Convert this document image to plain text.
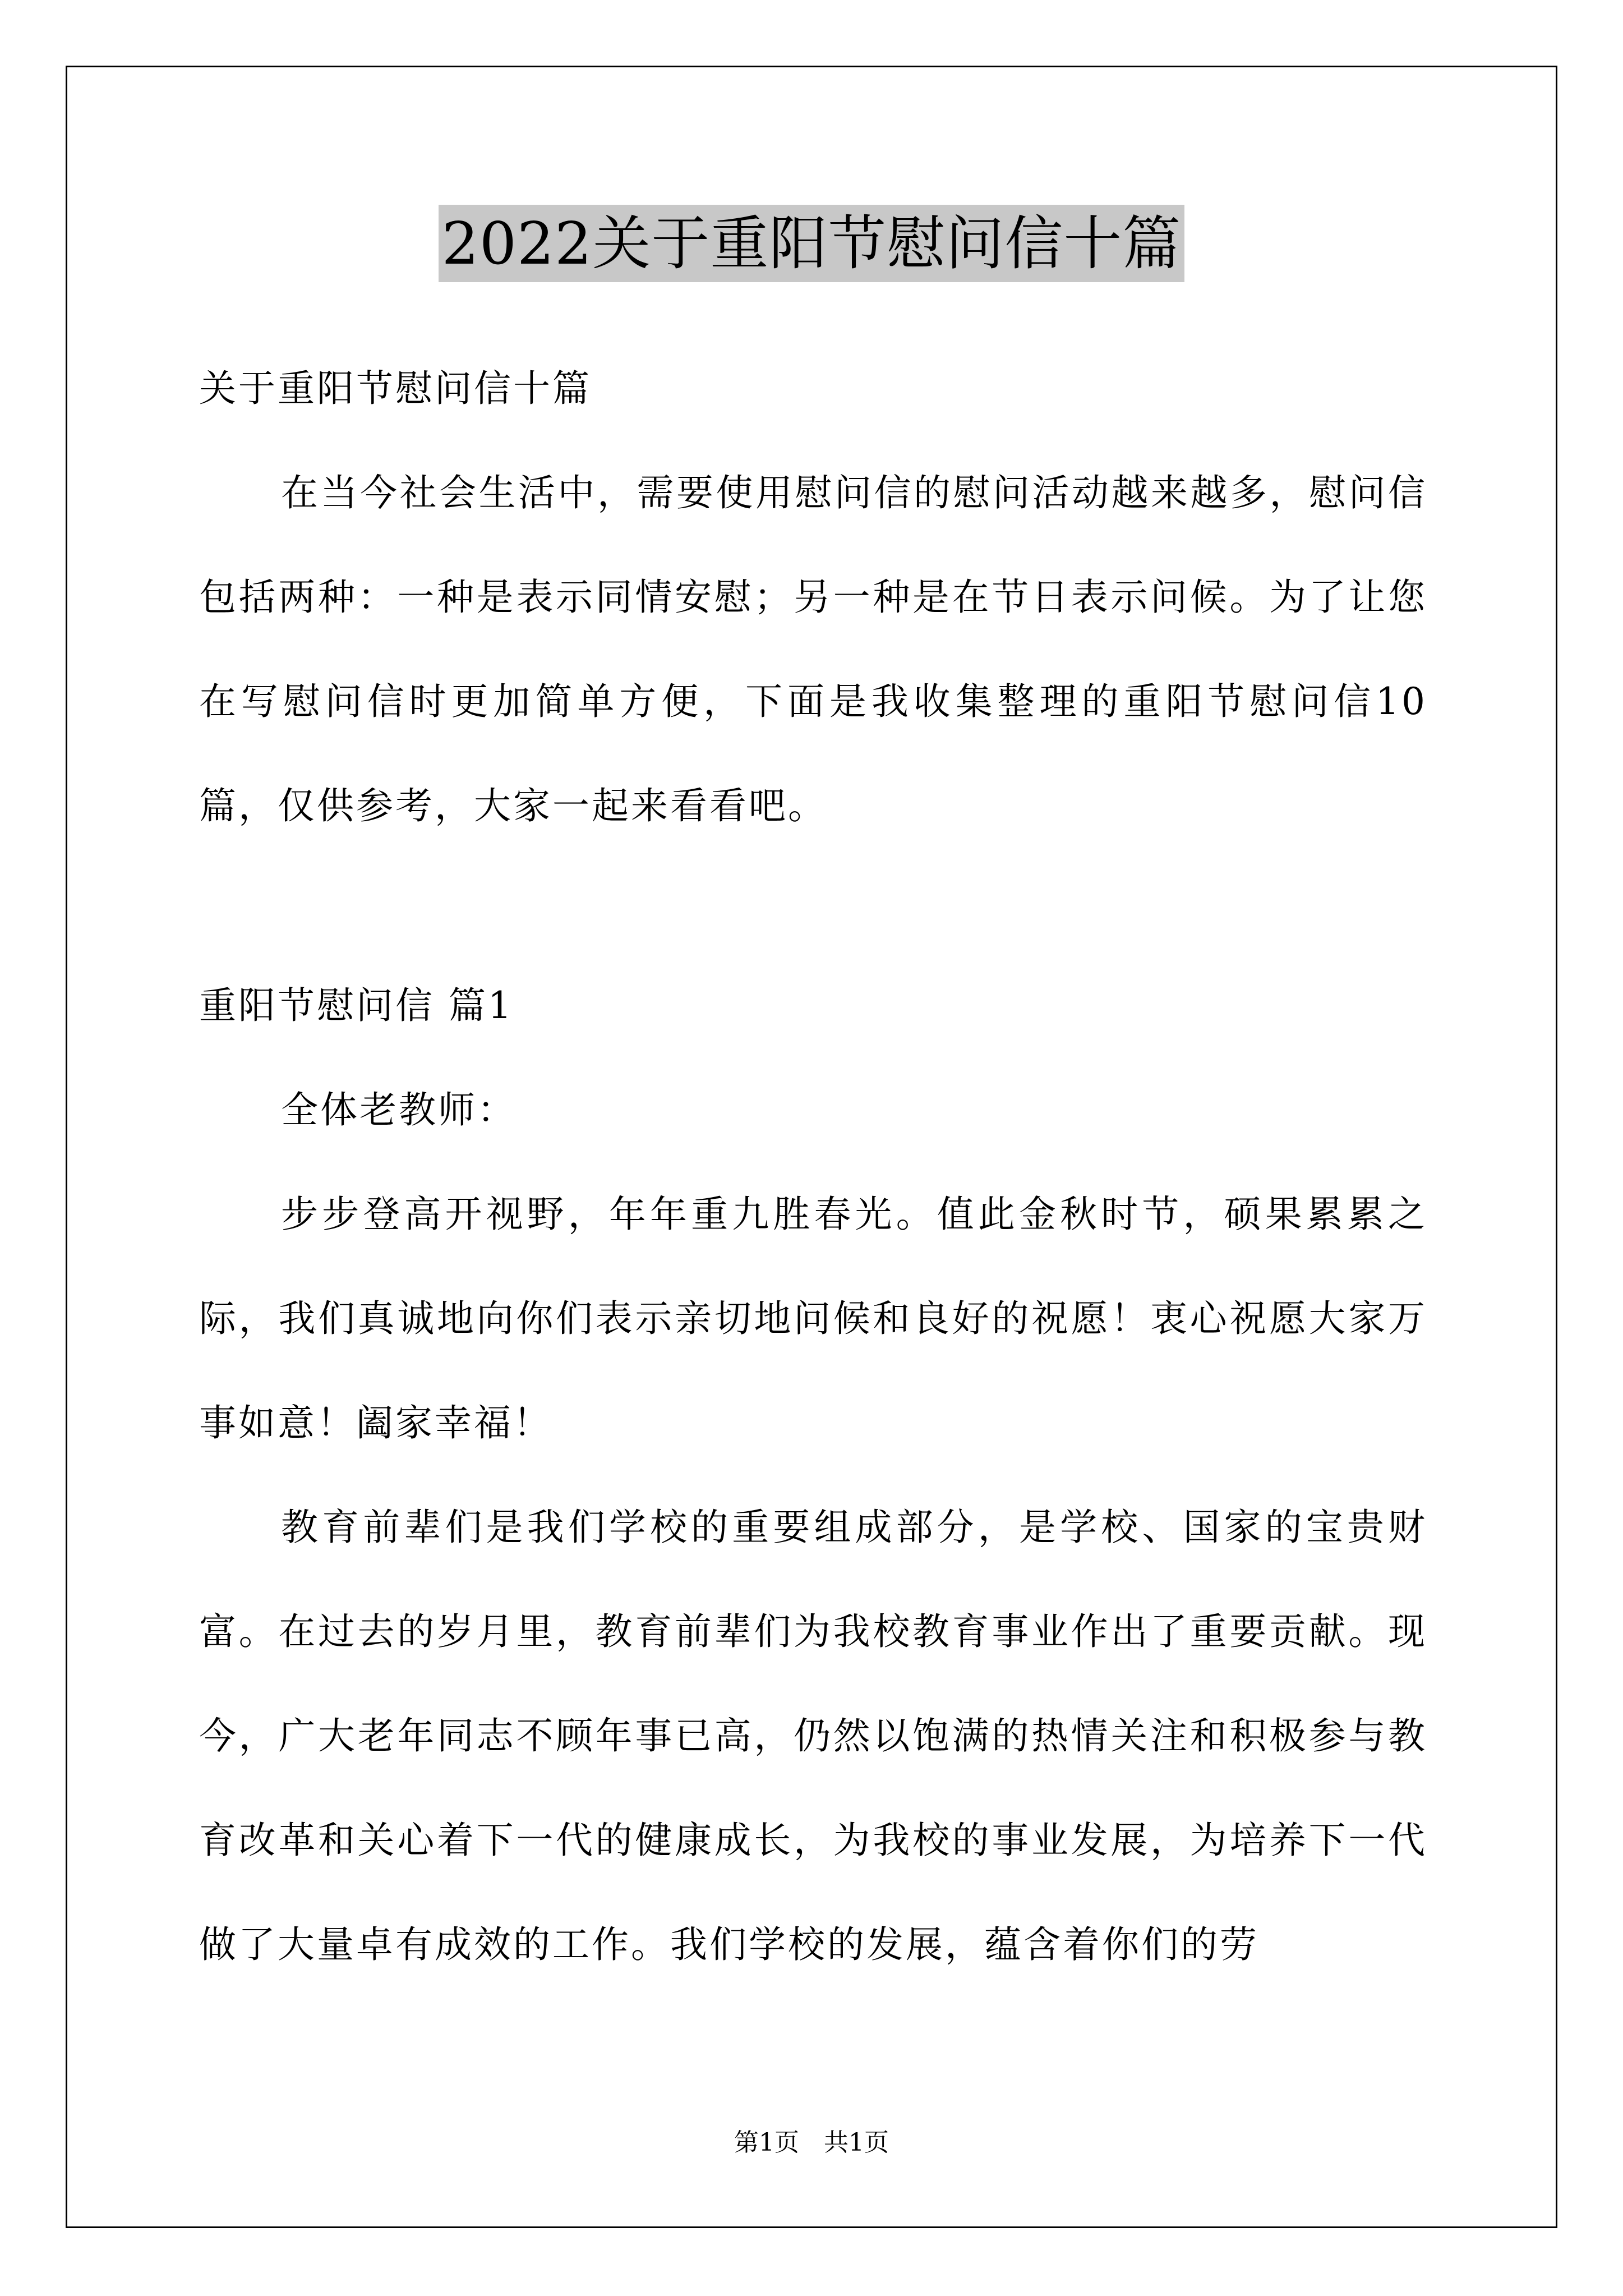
2022关于重阳节慰问信十篇
关于重阳节慰问信十篇

在当今社会生活中，需要使用慰问信的慰问活动越来越多，慰问信包括两种：一种是表示同情安慰；另一种是在节日表示问候。为了让您在写慰问信时更加简单方便，下面是我收集整理的重阳节慰问信10篇，仅供参考，大家一起来看看吧。

重阳节慰问信 篇1

全体老教师：

步步登高开视野，年年重九胜春光。值此金秋时节，硕果累累之际，我们真诚地向你们表示亲切地问候和良好的祝愿！衷心祝愿大家万事如意！阖家幸福！

教育前辈们是我们学校的重要组成部分，是学校、国家的宝贵财富。在过去的岁月里，教育前辈们为我校教育事业作出了重要贡献。现今，广大老年同志不顾年事已高，仍然以饱满的热情关注和积极参与教育改革和关心着下一代的健康成长，为我校的事业发展，为培养下一代做了大量卓有成效的工作。我们学校的发展，蕴含着你们的劳

第1页 共1页
